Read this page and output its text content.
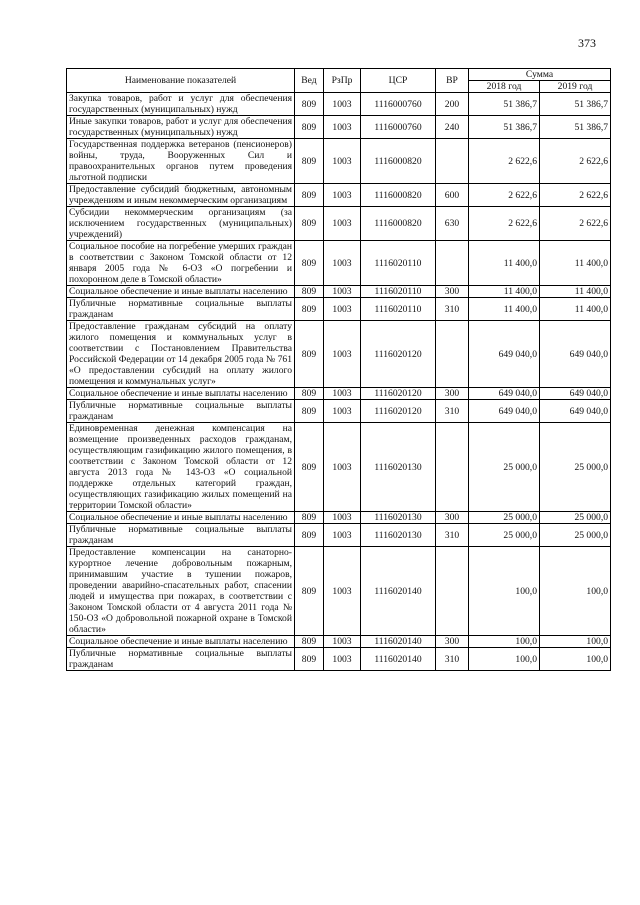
373
Наименование показателей	Вед	РзПр	ЦСР	ВР	Сумма	
					2018 год	2019 год
Закупка товаров, работ и услуг для обеспечения государственных (муниципальных) нужд	809	1003	1116000760	200	51 386,7	51 386,7
Иные закупки товаров, работ и услуг для обеспечения государственных (муниципальных) нужд	809	1003	1116000760	240	51 386,7	51 386,7
Государственная поддержка ветеранов (пенсионеров) войны, труда, Вооруженных Сил и правоохранительных органов путем проведения льготной подписки	809	1003	1116000820		2 622,6	2 622,6
Предоставление субсидий бюджетным, автономным учреждениям и иным некоммерческим организациям	809	1003	1116000820	600	2 622,6	2 622,6
Субсидии некоммерческим организациям (за исключением государственных (муниципальных) учреждений)	809	1003	1116000820	630	2 622,6	2 622,6
Социальное пособие на погребение умерших граждан в соответствии с Законом Томской области от 12 января 2005 года № 6-ОЗ «О погребении и похоронном деле в Томской области»	809	1003	1116020110		11 400,0	11 400,0
Социальное обеспечение и иные выплаты населению	809	1003	1116020110	300	11 400,0	11 400,0
Публичные нормативные социальные выплаты гражданам	809	1003	1116020110	310	11 400,0	11 400,0
Предоставление гражданам субсидий на оплату жилого помещения и коммунальных услуг в соответствии с Постановлением Правительства Российской Федерации от 14 декабря 2005 года № 761 «О предоставлении субсидий на оплату жилого помещения и коммунальных услуг»	809	1003	1116020120		649 040,0	649 040,0
Социальное обеспечение и иные выплаты населению	809	1003	1116020120	300	649 040,0	649 040,0
Публичные нормативные социальные выплаты гражданам	809	1003	1116020120	310	649 040,0	649 040,0
Единовременная денежная компенсация на возмещение произведенных расходов гражданам, осуществляющим газификацию жилого помещения, в соответствии с Законом Томской области от 12 августа 2013 года № 143-ОЗ «О социальной поддержке отдельных категорий граждан, осуществляющих газификацию жилых помещений на территории Томской области»	809	1003	1116020130		25 000,0	25 000,0
Социальное обеспечение и иные выплаты населению	809	1003	1116020130	300	25 000,0	25 000,0
Публичные нормативные социальные выплаты гражданам	809	1003	1116020130	310	25 000,0	25 000,0
Предоставление компенсации на санаторно-курортное лечение добровольным пожарным, принимавшим участие в тушении пожаров, проведении аварийно-спасательных работ, спасении людей и имущества при пожарах, в соответствии с Законом Томской области от 4 августа 2011 года № 150-ОЗ «О добровольной пожарной охране в Томской области»	809	1003	1116020140		100,0	100,0
Социальное обеспечение и иные выплаты населению	809	1003	1116020140	300	100,0	100,0
Публичные нормативные социальные выплаты гражданам	809	1003	1116020140	310	100,0	100,0
